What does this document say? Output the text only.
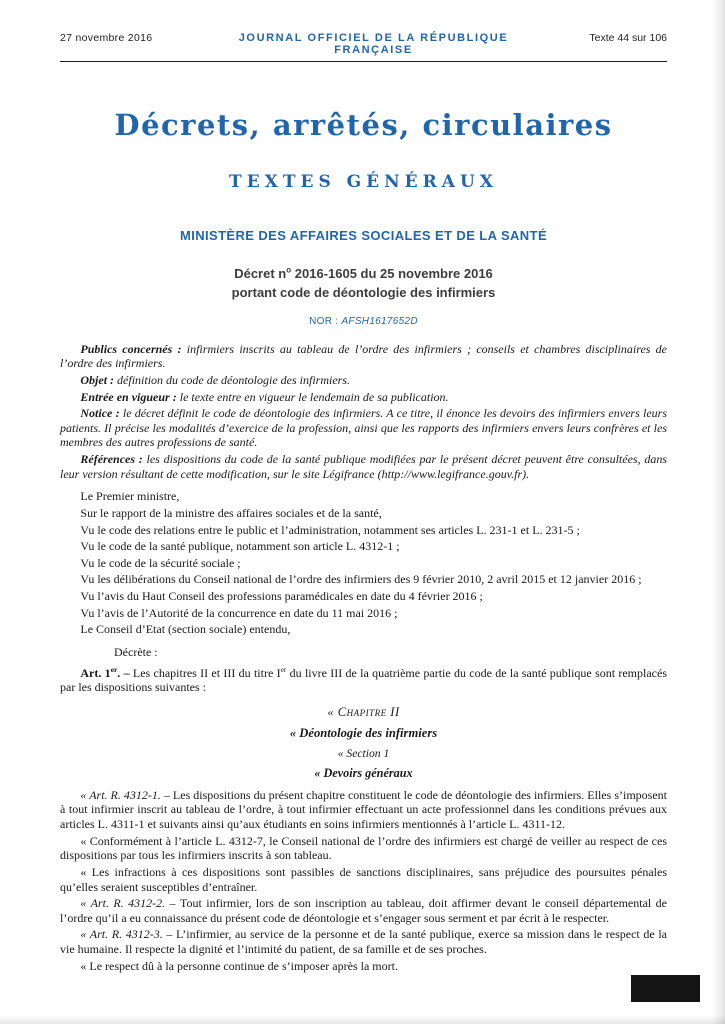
27 novembre 2016	JOURNAL OFFICIEL DE LA RÉPUBLIQUE FRANÇAISE
Texte 44 sur 106
Décrets, arrêtés, circulaires
TEXTES GÉNÉRAUX
MINISTÈRE DES AFFAIRES SOCIALES ET DE LA SANTÉ
Décret $n^o$ 2016-1605 du 25 novembre 2016
portant code de déontologie des infirmiers
NOR : AFSH1617652D

Publics concernés : infirmiers inscrits au tableau de l’ordre des infirmiers ; conseils et chambres disciplinaires de l’ordre des infirmiers.

Objet : définition du code de déontologie des infirmiers.

Entrée en vigueur : le texte entre en vigueur le lendemain de sa publication.

Notice : le décret définit le code de déontologie des infirmiers. A ce titre, il énonce les devoirs des infirmiers envers leurs patients. Il précise les modalités d’exercice de la profession, ainsi que les rapports des infirmiers envers leurs confrères et les membres des autres professions de santé.

Références : les dispositions du code de la santé publique modifiées par le présent décret peuvent être consultées, dans leur version résultant de cette modification, sur le site Légifrance (http://www.legifrance.gouv.fr).

Le Premier ministre,

Sur le rapport de la ministre des affaires sociales et de la santé,

Vu le code des relations entre le public et l’administration, notamment ses articles L. 231-1 et L. 231-5 ;

Vu le code de la santé publique, notamment son article L. 4312-1 ;

Vu le code de la sécurité sociale ;

Vu les délibérations du Conseil national de l’ordre des infirmiers des 9 février 2010, 2 avril 2015 et 12 janvier 2016 ;

Vu l’avis du Haut Conseil des professions paramédicales en date du 4 février 2016 ;

Vu l’avis de l’Autorité de la concurrence en date du 11 mai 2016 ;

Le Conseil d’Etat (section sociale) entendu,

Décrète :

Art. 1er. – Les chapitres II et III du titre Ier du livre III de la quatrième partie du code de la santé publique sont remplacés par les dispositions suivantes :

« Chapitre II

« Déontologie des infirmiers

« Section 1

« Devoirs généraux

« Art. R. 4312-1. – Les dispositions du présent chapitre constituent le code de déontologie des infirmiers. Elles s’imposent à tout infirmier inscrit au tableau de l’ordre, à tout infirmier effectuant un acte professionnel dans les conditions prévues aux articles L. 4311-1 et suivants ainsi qu’aux étudiants en soins infirmiers mentionnés à l’article L. 4311-12.

« Conformément à l’article L. 4312-7, le Conseil national de l’ordre des infirmiers est chargé de veiller au respect de ces dispositions par tous les infirmiers inscrits à son tableau.

« Les infractions à ces dispositions sont passibles de sanctions disciplinaires, sans préjudice des poursuites pénales qu’elles seraient susceptibles d’entraîner.

« Art. R. 4312-2. – Tout infirmier, lors de son inscription au tableau, doit affirmer devant le conseil départemental de l’ordre qu’il a eu connaissance du présent code de déontologie et s’engager sous serment et par écrit à le respecter.

« Art. R. 4312-3. – L’infirmier, au service de la personne et de la santé publique, exerce sa mission dans le respect de la vie humaine. Il respecte la dignité et l’intimité du patient, de sa famille et de ses proches.

« Le respect dû à la personne continue de s’imposer après la mort.
